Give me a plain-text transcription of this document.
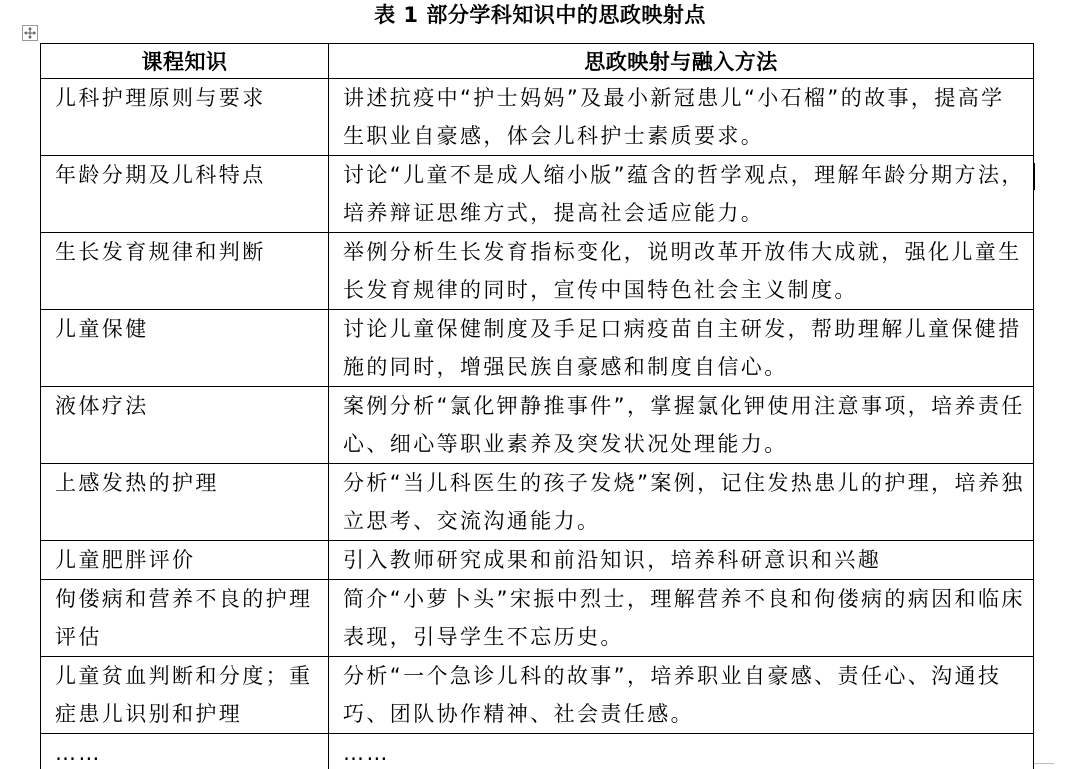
表 1 部分学科知识中的思政映射点
课程知识	思政映射与融入方法

儿科护理原则与要求	讲述抗疫中“护士妈妈”及最小新冠患儿“小石榴”的故事，提高学生职业自豪感，体会儿科护士素质要求。

年龄分期及儿科特点	讨论“儿童不是成人缩小版”蕴含的哲学观点，理解年龄分期方法，培养辩证思维方式，提高社会适应能力。

生长发育规律和判断	举例分析生长发育指标变化，说明改革开放伟大成就，强化儿童生长发育规律的同时，宣传中国特色社会主义制度。

儿童保健	讨论儿童保健制度及手足口病疫苗自主研发，帮助理解儿童保健措施的同时，增强民族自豪感和制度自信心。

液体疗法	案例分析“氯化钾静推事件”，掌握氯化钾使用注意事项，培养责任心、细心等职业素养及突发状况处理能力。

上感发热的护理	分析“当儿科医生的孩子发烧”案例，记住发热患儿的护理，培养独立思考、交流沟通能力。

儿童肥胖评价	引入教师研究成果和前沿知识，培养科研意识和兴趣

佝偻病和营养不良的护理评估	简介“小萝卜头”宋振中烈士，理解营养不良和佝偻病的病因和临床表现，引导学生不忘历史。

儿童贫血判断和分度；重症患儿识别和护理	分析“一个急诊儿科的故事”，培养职业自豪感、责任心、沟通技巧、团队协作精神、社会责任感。

……	……
